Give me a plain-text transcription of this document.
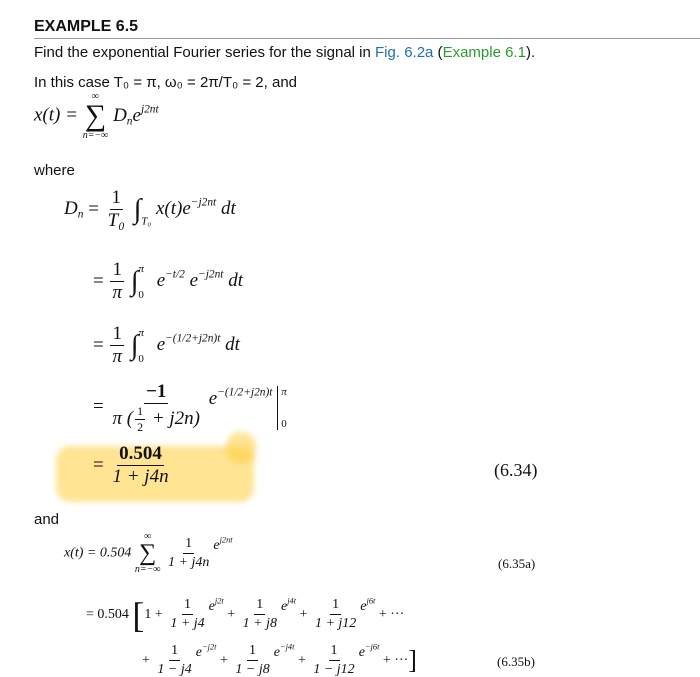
EXAMPLE 6.5
Find the exponential Fourier series for the signal in Fig. 6.2a (Example 6.1).
In this case T₀ = π, ω₀ = 2π/T₀ = 2, and
x(t) =
∞
∑
n=−∞
$D_ne^{j2nt}$
where
$D_n = \frac{1}{\text{T₀}} \int_{T_0}$ $x(t)e^{-j2nt}$ dt
= $\frac{1}{\pi}$ ∫ π
0
$e^{-t/2}$ $e^{-j2nt}$ dt
= $\frac{1}{\pi}$ ∫ π
0
$e^{-(1/2+j2n)t}$ dt
= $\frac{-1}{\pi ( \frac{1}{2} + j2n)} e^{-(1/2+j2n)t}$ π
0
= $\frac{0.504}{1 + j4n}$	(6.34)
and
x(t) = 0.504
∞
∑
n=−∞
$\frac{1}{1 + j4n} e^{j2nt}$
(6.35a)
= 0.504 [$1 + \frac{1}{1 + j4} e^{j2t} + \frac{1}{1 + j8} e^{j4t} + \frac{1}{1 + j12} e^{j6t}$ + ···
+ $\frac{1}{1 - j4} e^{-j2t} + \frac{1}{1 - j8} e^{-j4t} + \frac{1}{1 - j12} e^{-j6t}$ + ···]	(6.35b)
